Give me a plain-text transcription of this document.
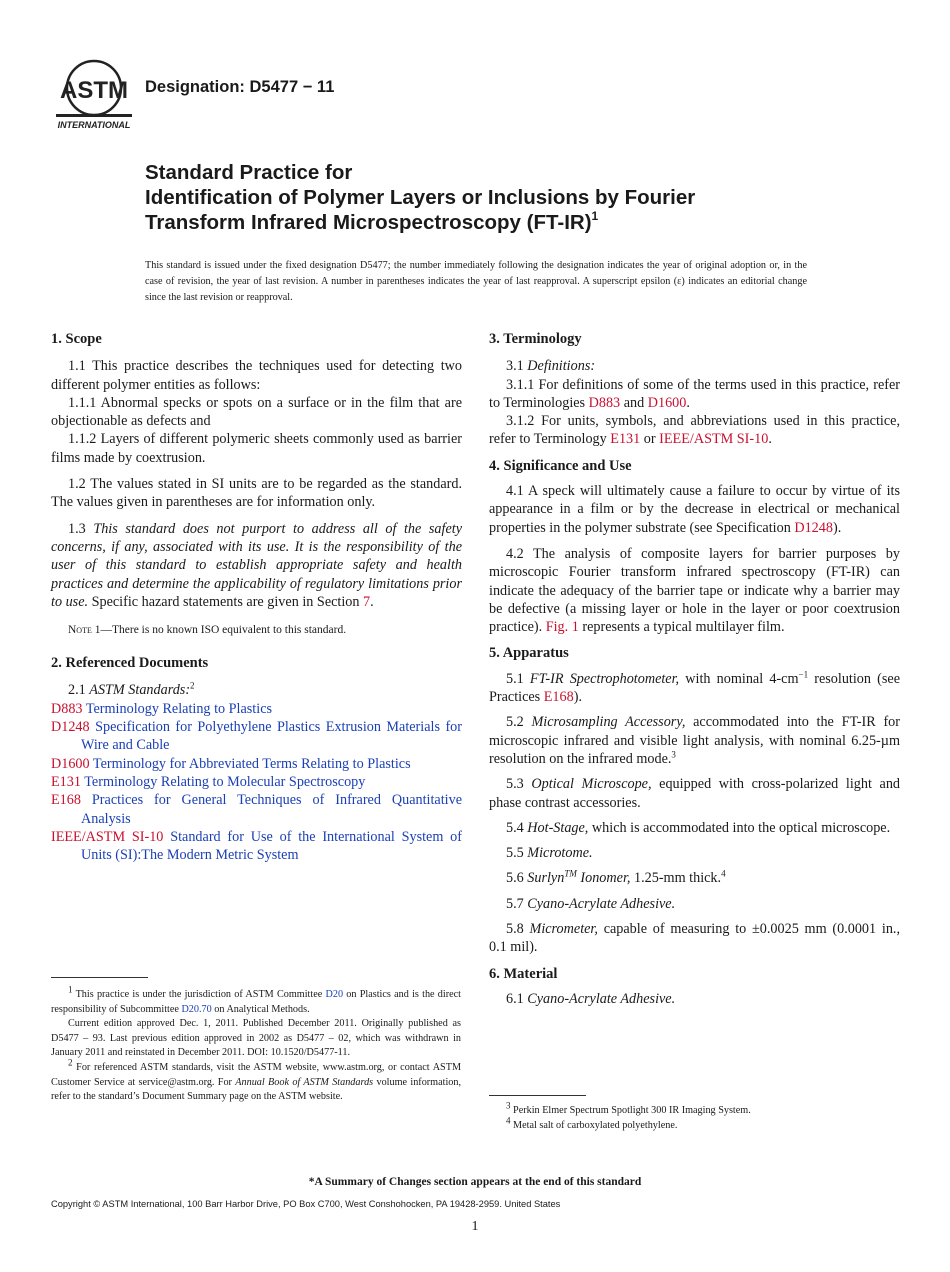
ASTM
INTERNATIONAL
Designation: D5477 − 11
Standard Practice for
Identification of Polymer Layers or Inclusions by Fourier
Transform Infrared Microspectroscopy $(FT-IR)^1$
This standard is issued under the fixed designation D5477; the number immediately following the designation indicates the year of original adoption or, in the case of revision, the year of last revision. A number in parentheses indicates the year of last reapproval. A superscript epsilon (ε) indicates an editorial change since the last revision or reapproval.
1. Scope

1.1 This practice describes the techniques used for detecting two different polymer entities as follows:

1.1.1 Abnormal specks or spots on a surface or in the film that are objectionable as defects and

1.1.2 Layers of different polymeric sheets commonly used as barrier films made by coextrusion.

1.2 The values stated in SI units are to be regarded as the standard. The values given in parentheses are for information only.

1.3 This standard does not purport to address all of the safety concerns, if any, associated with its use. It is the responsibility of the user of this standard to establish appropriate safety and health practices and determine the applicability of regulatory limitations prior to use. Specific hazard statements are given in Section 7.

Note 1—There is no known ISO equivalent to this standard.

2. Referenced Documents

2.1 ASTM Standards:$^2$

D883 Terminology Relating to Plastics

D1248 Specification for Polyethylene Plastics Extrusion Materials for Wire and Cable

D1600 Terminology for Abbreviated Terms Relating to Plastics

E131 Terminology Relating to Molecular Spectroscopy

E168 Practices for General Techniques of Infrared Quantitative Analysis

IEEE/ASTM SI-10 Standard for Use of the International System of Units (SI):The Modern Metric System

3. Terminology

3.1 Definitions:

3.1.1 For definitions of some of the terms used in this practice, refer to Terminologies D883 and D1600.

3.1.2 For units, symbols, and abbreviations used in this practice, refer to Terminology E131 or IEEE/ASTM SI-10.

4. Significance and Use

4.1 A speck will ultimately cause a failure to occur by virtue of its appearance in a film or by the decrease in electrical or mechanical properties in the polymer substrate (see Specification D1248).

4.2 The analysis of composite layers for barrier purposes by microscopic Fourier transform infrared spectroscopy (FT-IR) can indicate the adequacy of the barrier tape or indicate why a barrier may be defective (a missing layer or hole in the layer or poor coextrusion practice). Fig. 1 represents a typical multilayer film.

5. Apparatus

5.1 FT-IR Spectrophotometer, with nominal $4-cm^{-1}$ resolution (see Practices E168).

5.2 Microsampling Accessory, accommodated into the FT-IR for microscopic infrared and visible light analysis, with nominal 6.25-µm resolution on the infrared mode.$^3$

5.3 Optical Microscope, equipped with cross-polarized light and phase contrast accessories.

5.4 Hot-Stage, which is accommodated into the optical microscope.

5.5 Microtome.

5.6 Surlyn™ Ionomer, 1.25-mm thick.$^4$

5.7 Cyano-Acrylate Adhesive.

5.8 Micrometer, capable of measuring to ±0.0025 mm (0.0001 in., 0.1 mil).

6. Material

6.1 Cyano-Acrylate Adhesive.

$^1$ This practice is under the jurisdiction of ASTM Committee D20 on Plastics and is the direct responsibility of Subcommittee D20.70 on Analytical Methods.

Current edition approved Dec. 1, 2011. Published December 2011. Originally published as D5477 – 93. Last previous edition approved in 2002 as D5477 – 02, which was withdrawn in January 2011 and reinstated in December 2011. DOI: 10.1520/D5477-11.

$^2$ For referenced ASTM standards, visit the ASTM website, www.astm.org, or contact ASTM Customer Service at service@astm.org. For Annual Book of ASTM Standards volume information, refer to the standard’s Document Summary page on the ASTM website.

$^3$ Perkin Elmer Spectrum Spotlight 300 IR Imaging System.

$^4$ Metal salt of carboxylated polyethylene.

*A Summary of Changes section appears at the end of this standard
Copyright © ASTM International, 100 Barr Harbor Drive, PO Box C700, West Conshohocken, PA 19428-2959. United States
1
